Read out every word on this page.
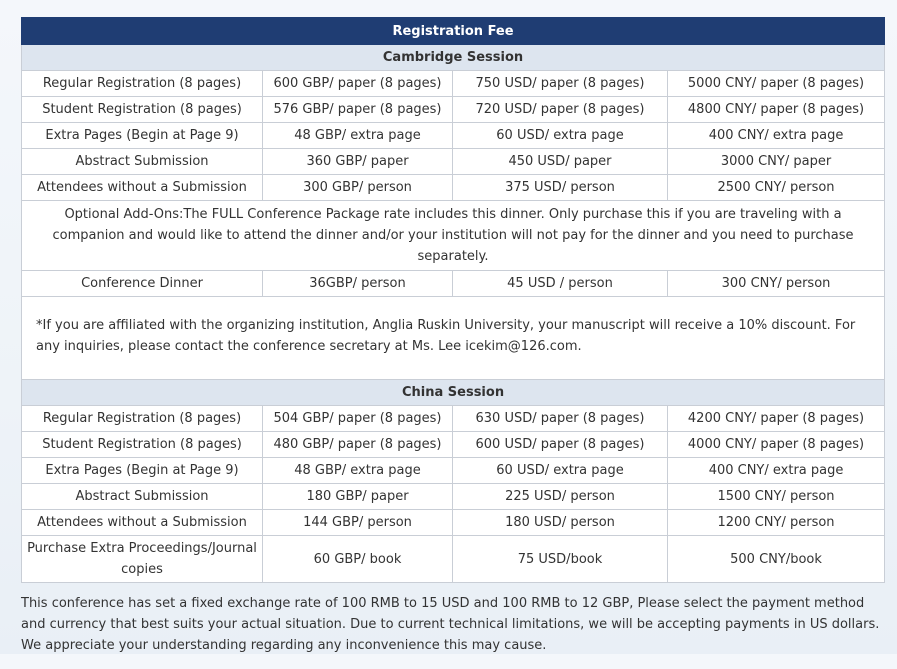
Registration Fee			
Cambridge Session			
Regular Registration (8 pages)	600 GBP/ paper (8 pages)	750 USD/ paper (8 pages)	5000 CNY/ paper (8 pages)
Student Registration (8 pages)	576 GBP/ paper (8 pages)	720 USD/ paper (8 pages)	4800 CNY/ paper (8 pages)
Extra Pages (Begin at Page 9)	48 GBP/ extra page	60 USD/ extra page	400 CNY/ extra page
Abstract Submission	360 GBP/ paper	450 USD/ paper	3000 CNY/ paper
Attendees without a Submission	300 GBP/ person	375 USD/ person	2500 CNY/ person
Optional Add-Ons:The FULL Conference Package rate includes this dinner. Only purchase this if you are traveling with a companion and would like to attend the dinner and/or your institution will not pay for the dinner and you need to purchase separately.			
Conference Dinner	36GBP/ person	45 USD / person	300 CNY/ person
*If you are affiliated with the organizing institution, Anglia Ruskin University, your manuscript will receive a 10% discount. For any inquiries, please contact the conference secretary at Ms. Lee icekim@126.com.			
China Session			
Regular Registration (8 pages)	504 GBP/ paper (8 pages)	630 USD/ paper (8 pages)	4200 CNY/ paper (8 pages)
Student Registration (8 pages)	480 GBP/ paper (8 pages)	600 USD/ paper (8 pages)	4000 CNY/ paper (8 pages)
Extra Pages (Begin at Page 9)	48 GBP/ extra page	60 USD/ extra page	400 CNY/ extra page
Abstract Submission	180 GBP/ paper	225 USD/ person	1500 CNY/ person
Attendees without a Submission	144 GBP/ person	180 USD/ person	1200 CNY/ person
Purchase Extra Proceedings/Journal copies	60 GBP/ book	75 USD/book	500 CNY/book

This conference has set a fixed exchange rate of 100 RMB to 15 USD and 100 RMB to 12 GBP, Please select the payment method and currency that best suits your actual situation. Due to current technical limitations, we will be accepting payments in US dollars. We appreciate your understanding regarding any inconvenience this may cause.
